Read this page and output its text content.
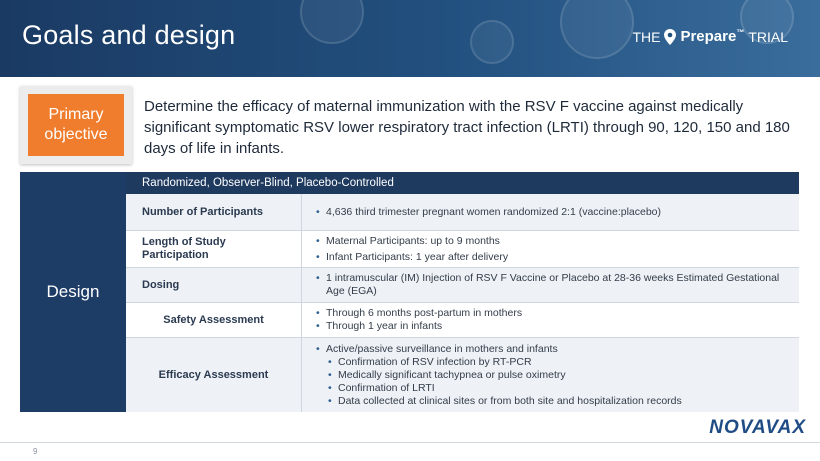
Goals and design	THE Prepare™ TRIAL
Primary
objective
Determine the efficacy of maternal immunization with the RSV F vaccine against medically significant symptomatic RSV lower respiratory tract infection (LRTI) through 90, 120, 150 and 180 days of life in infants.
Design
Randomized, Observer-Blind, Placebo-Controlled
Number of Participants	• 4,636 third trimester pregnant women randomized 2:1 (vaccine:placebo)
Length of Study Participation
• Maternal Participants: up to 9 months
• Infant Participants: 1 year after delivery
Dosing
• 1 intramuscular (IM) Injection of RSV F Vaccine or Placebo at 28-36 weeks Estimated Gestational Age (EGA)
Safety Assessment
• Through 6 months post-partum in mothers
• Through 1 year in infants
Efficacy Assessment
• Active/passive surveillance in mothers and infants
• Confirmation of RSV infection by RT-PCR
• Medically significant tachypnea or pulse oximetry
• Confirmation of LRTI
• Data collected at clinical sites or from both site and hospitalization records
NOVAVAX
9
